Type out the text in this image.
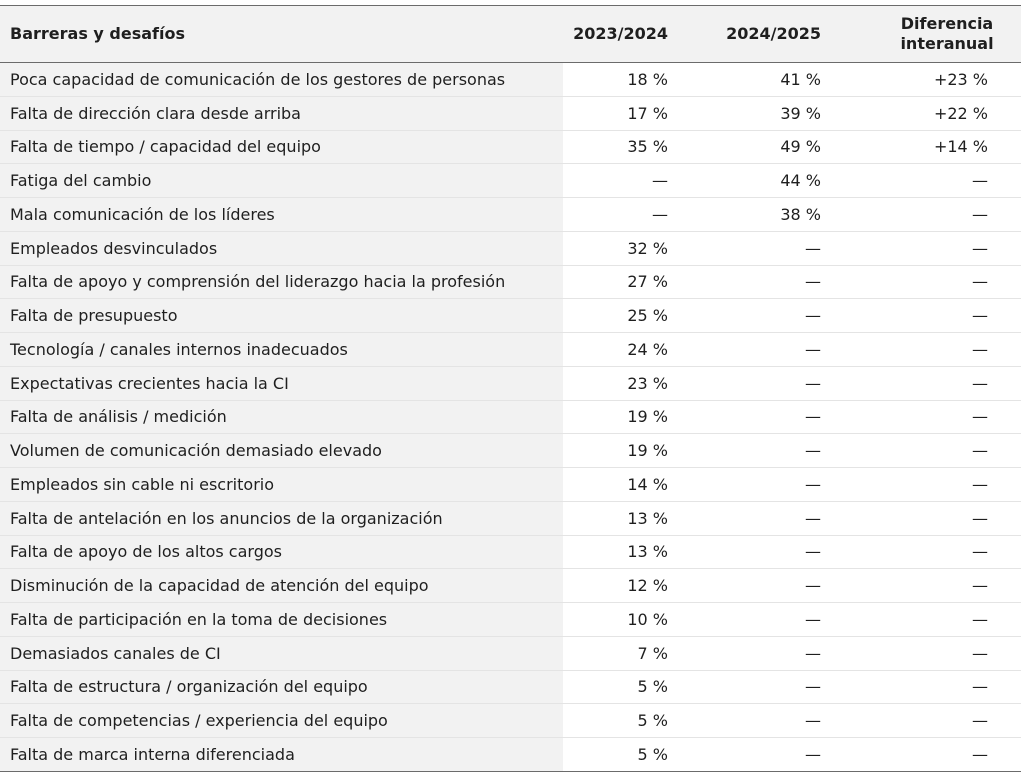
Barreras y desafíos	2023/2024	2024/2025	Diferencia
interanual
Poca capacidad de comunicación de los gestores de personas	18 %	41 %	+23 %
Falta de dirección clara desde arriba	17 %	39 %	+22 %
Falta de tiempo / capacidad del equipo	35 %	49 %	+14 %
Fatiga del cambio	—	44 %	—
Mala comunicación de los líderes	—	38 %	—
Empleados desvinculados	32 %	—	—
Falta de apoyo y comprensión del liderazgo hacia la profesión	27 %	—	—
Falta de presupuesto	25 %	—	—
Tecnología / canales internos inadecuados	24 %	—	—
Expectativas crecientes hacia la CI	23 %	—	—
Falta de análisis / medición	19 %	—	—
Volumen de comunicación demasiado elevado	19 %	—	—
Empleados sin cable ni escritorio	14 %	—	—
Falta de antelación en los anuncios de la organización	13 %	—	—
Falta de apoyo de los altos cargos	13 %	—	—
Disminución de la capacidad de atención del equipo	12 %	—	—
Falta de participación en la toma de decisiones	10 %	—	—
Demasiados canales de CI	7 %	—	—
Falta de estructura / organización del equipo	5 %	—	—
Falta de competencias / experiencia del equipo	5 %	—	—
Falta de marca interna diferenciada	5 %	—	—
